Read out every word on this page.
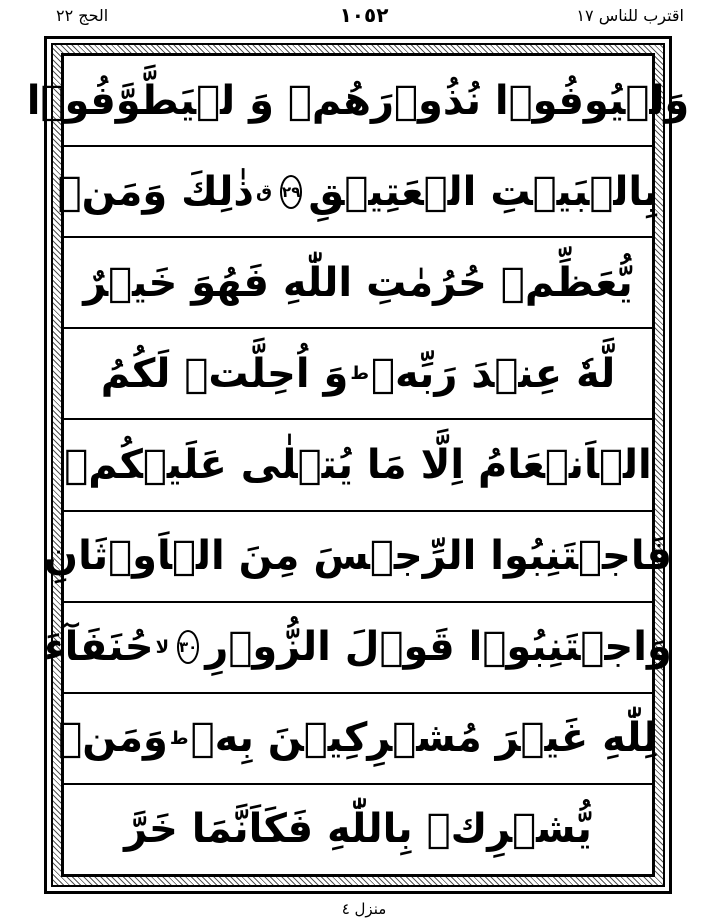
اقترب للناس ١٧
١٠٥٢
الحج ٢٢
وَلۡيُوفُوۡا نُذُوۡرَهُمۡ وَ لۡيَطَّوَّفُوۡا
بِالۡبَيۡتِ الۡعَتِيۡقِ
٢٩
ق
ذٰلِكَ وَمَنۡ
يُّعَظِّمۡ حُرُمٰتِ اللّٰهِ فَهُوَ خَيۡرٌ
لَّهٗ عِنۡدَ رَبِّهٖ
ط
وَ اُحِلَّتۡ لَكُمُ
الۡاَنۡعَامُ اِلَّا مَا يُتۡلٰى عَلَيۡكُمۡ
فَاجۡتَنِبُوا الرِّجۡسَ مِنَ الۡاَوۡثَانِ
وَاجۡتَنِبُوۡا قَوۡلَ الزُّوۡرِ
٣٠
لا
حُنَفَآءَ
لِلّٰهِ غَيۡرَ مُشۡرِكِيۡنَ بِهٖ
ط
وَمَنۡ
يُّشۡرِكۡ بِاللّٰهِ فَكَاَنَّمَا خَرَّ
منزل ٤
